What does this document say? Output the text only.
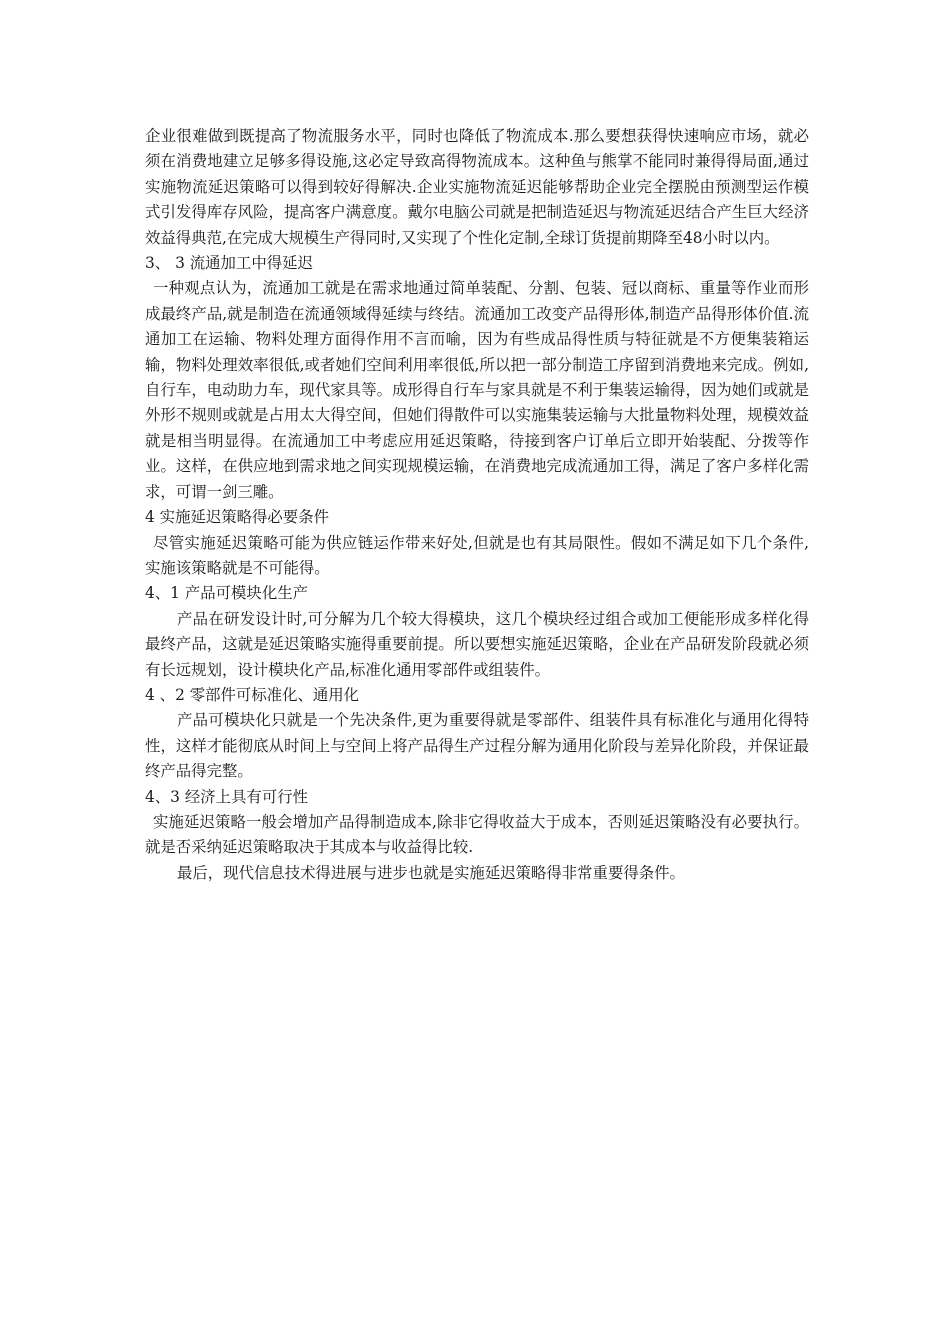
企业很难做到既提高了物流服务水平，同时也降低了物流成本.那么要想获得快速响应市场，就必须在消费地建立足够多得设施,这必定导致高得物流成本。这种鱼与熊掌不能同时兼得得局面,通过实施物流延迟策略可以得到较好得解决.企业实施物流延迟能够帮助企业完全摆脱由预测型运作模式引发得库存风险，提高客户满意度。戴尔电脑公司就是把制造延迟与物流延迟结合产生巨大经济效益得典范,在完成大规模生产得同时,又实现了个性化定制,全球订货提前期降至48小时以内。

3、 3 流通加工中得延迟

一种观点认为，流通加工就是在需求地通过简单装配、分割、包装、冠以商标、重量等作业而形成最终产品,就是制造在流通领域得延续与终结。流通加工改变产品得形体,制造产品得形体价值.流通加工在运输、物料处理方面得作用不言而喻，因为有些成品得性质与特征就是不方便集装箱运输，物料处理效率很低,或者她们空间利用率很低,所以把一部分制造工序留到消费地来完成。例如,自行车，电动助力车，现代家具等。成形得自行车与家具就是不利于集装运输得，因为她们或就是外形不规则或就是占用太大得空间，但她们得散件可以实施集装运输与大批量物料处理，规模效益就是相当明显得。在流通加工中考虑应用延迟策略，待接到客户订单后立即开始装配、分拨等作业。这样，在供应地到需求地之间实现规模运输，在消费地完成流通加工得，满足了客户多样化需求，可谓一剑三雕。

4 实施延迟策略得必要条件

尽管实施延迟策略可能为供应链运作带来好处,但就是也有其局限性。假如不满足如下几个条件,实施该策略就是不可能得。

4、1 产品可模块化生产

产品在研发设计时,可分解为几个较大得模块，这几个模块经过组合或加工便能形成多样化得最终产品，这就是延迟策略实施得重要前提。所以要想实施延迟策略，企业在产品研发阶段就必须有长远规划，设计模块化产品,标准化通用零部件或组装件。

4 、2 零部件可标准化、通用化

产品可模块化只就是一个先决条件,更为重要得就是零部件、组装件具有标准化与通用化得特性，这样才能彻底从时间上与空间上将产品得生产过程分解为通用化阶段与差异化阶段，并保证最终产品得完整。

4、3 经济上具有可行性

实施延迟策略一般会增加产品得制造成本,除非它得收益大于成本，否则延迟策略没有必要执行。就是否采纳延迟策略取决于其成本与收益得比较.

最后，现代信息技术得进展与进步也就是实施延迟策略得非常重要得条件。
